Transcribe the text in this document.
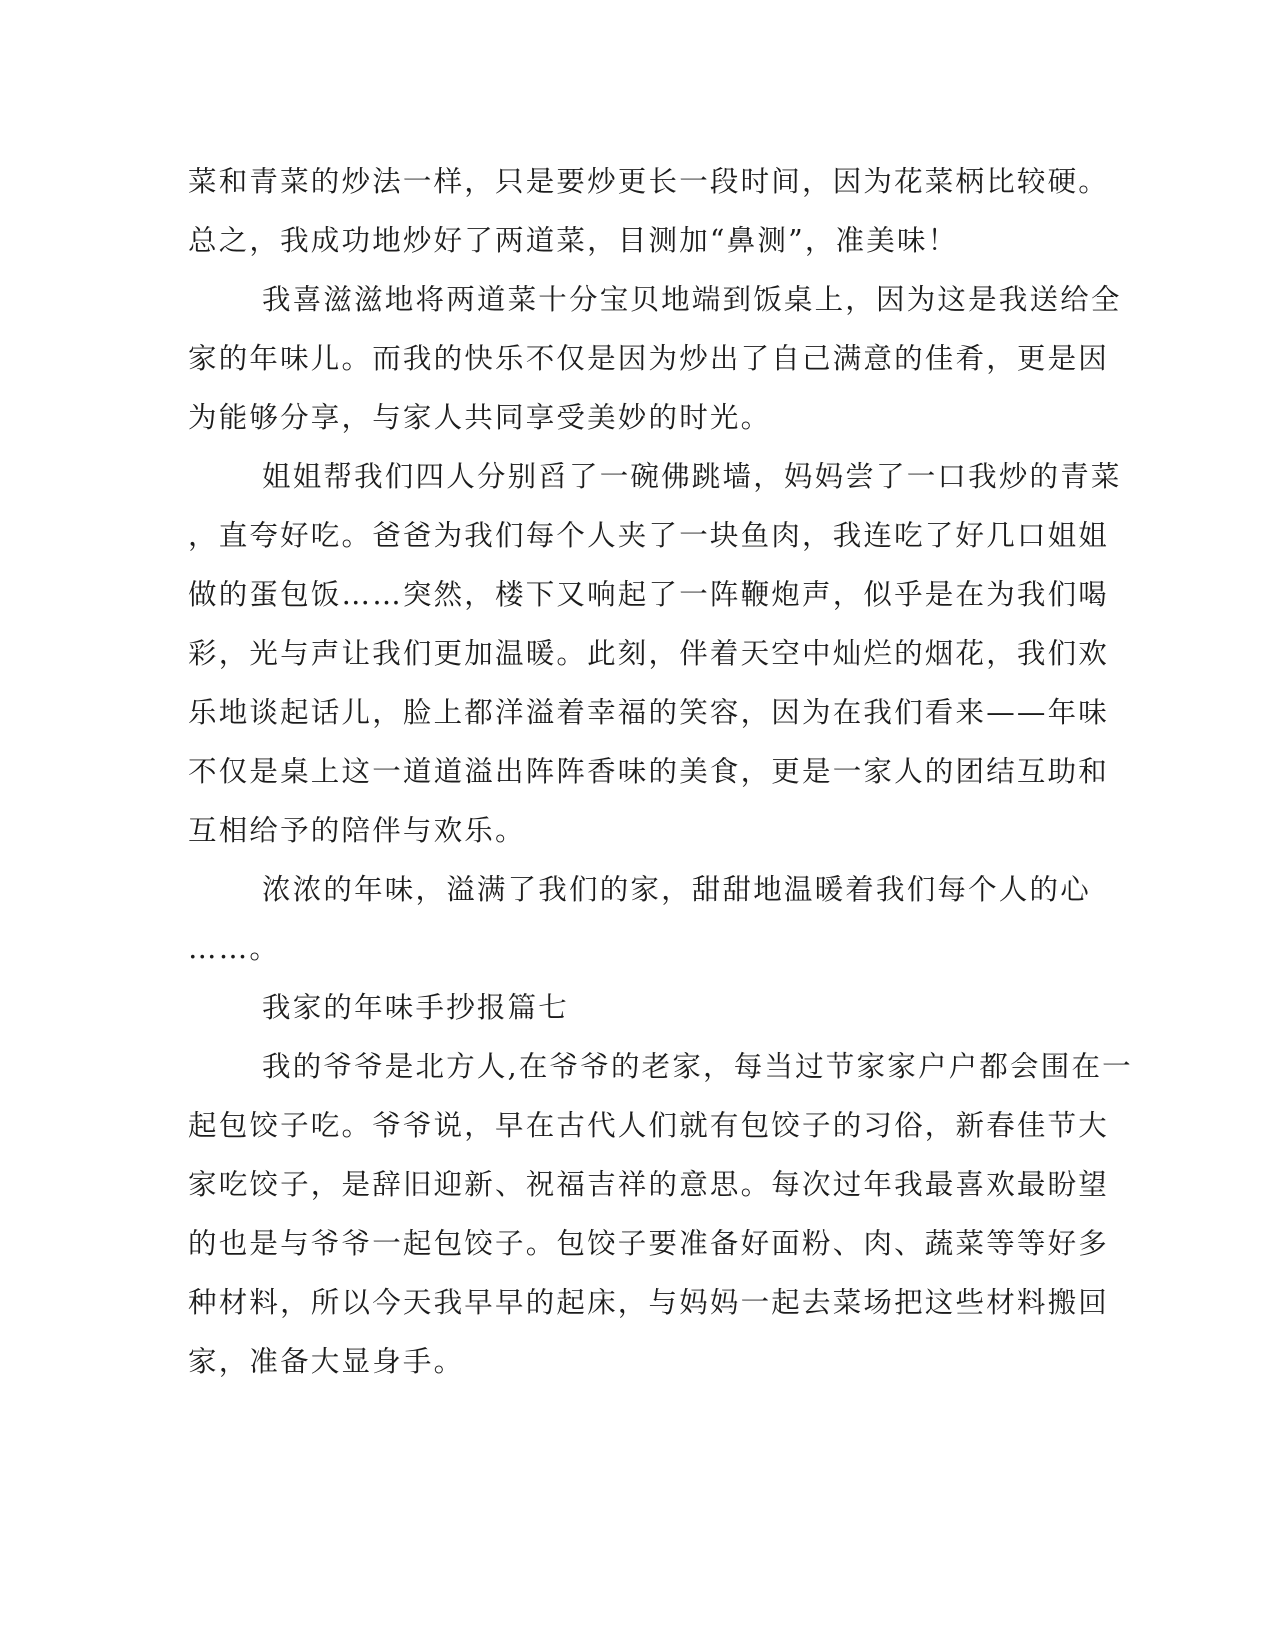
菜和青菜的炒法一样，只是要炒更长一段时间，因为花菜柄比较硬。
总之，我成功地炒好了两道菜，目测加“鼻测”，准美味！
我喜滋滋地将两道菜十分宝贝地端到饭桌上，因为这是我送给全
家的年味儿。而我的快乐不仅是因为炒出了自己满意的佳肴，更是因
为能够分享，与家人共同享受美妙的时光。
姐姐帮我们四人分别舀了一碗佛跳墙，妈妈尝了一口我炒的青菜
，直夸好吃。爸爸为我们每个人夹了一块鱼肉，我连吃了好几口姐姐
做的蛋包饭……突然，楼下又响起了一阵鞭炮声，似乎是在为我们喝
彩，光与声让我们更加温暖。此刻，伴着天空中灿烂的烟花，我们欢
乐地谈起话儿，脸上都洋溢着幸福的笑容，因为在我们看来——年味
不仅是桌上这一道道溢出阵阵香味的美食，更是一家人的团结互助和
互相给予的陪伴与欢乐。
浓浓的年味，溢满了我们的家，甜甜地温暖着我们每个人的心
……。
我家的年味手抄报篇七
我的爷爷是北方人,在爷爷的老家，每当过节家家户户都会围在一
起包饺子吃。爷爷说，早在古代人们就有包饺子的习俗，新春佳节大
家吃饺子，是辞旧迎新、祝福吉祥的意思。每次过年我最喜欢最盼望
的也是与爷爷一起包饺子。包饺子要准备好面粉、肉、蔬菜等等好多
种材料，所以今天我早早的起床，与妈妈一起去菜场把这些材料搬回
家，准备大显身手。
